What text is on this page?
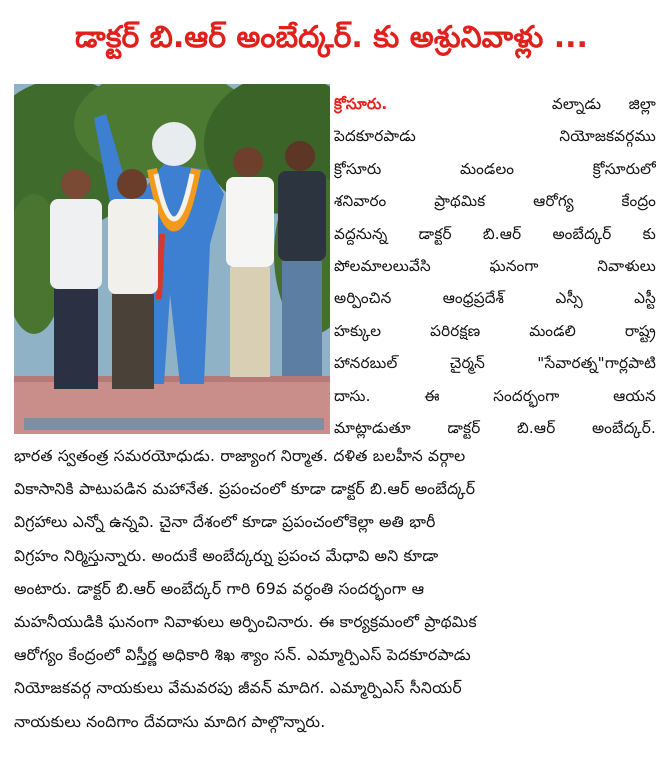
డాక్టర్ బి.ఆర్ అంబేద్కర్. కు అశ్రునివాళ్లు ...
క్రోసూరు.	వల్నాడు జిల్లా
పెదకూరపాడు నియోజకవర్గము
క్రోసూరు మండలం క్రోసూరులో
శనివారం ప్రాథమిక ఆరోగ్య కేంద్రం
వద్దనున్న డాక్టర్ బి.ఆర్ అంబేద్కర్ కు
పోలమాలలువేసి ఘనంగా నివాళులు
అర్పించిన ఆంధ్రప్రదేశ్ ఎస్సీ ఎస్టీ
హక్కుల పరిరక్షణ మండలి రాష్ట్ర
హానరబుల్ చైర్మన్ "సేవారత్న"గార్లపాటి
దాసు. ఈ సందర్భంగా ఆయన
మాట్లాడుతూ డాక్టర్ బి.ఆర్ అంబేద్కర్.
భారత స్వతంత్ర సమరయోధుడు. రాజ్యాంగ నిర్మాత. దళిత బలహీన వర్గాల
వికాసానికి పాటుపడిన మహానేత. ప్రపంచంలో కూడా డాక్టర్ బి.ఆర్ అంబేద్కర్
విగ్రహాలు ఎన్నో ఉన్నవి. చైనా దేశంలో కూడా ప్రపంచంలోకెల్లా అతి భారీ
విగ్రహం నిర్మిస్తున్నారు. అందుకే అంబేద్కర్ను ప్రపంచ మేధావి అని కూడా
అంటారు. డాక్టర్ బి.ఆర్ అంబేద్కర్ గారి 69వ వర్ధంతి సందర్భంగా ఆ
మహనీయుడికి ఘనంగా నివాళులు అర్పించినారు. ఈ కార్యక్రమంలో ప్రాథమిక
ఆరోగ్యం కేంద్రంలో విస్తీర్ణ అధికారి శిఖ శ్యాం సన్. ఎమ్మార్పిఎస్ పెదకూరపాడు
నియోజకవర్గ నాయకులు వేమవరపు జీవన్ మాదిగ. ఎమ్మార్పిఎస్ సీనియర్
నాయకులు నందిగాం దేవదాసు మాదిగ పాల్గొన్నారు.
